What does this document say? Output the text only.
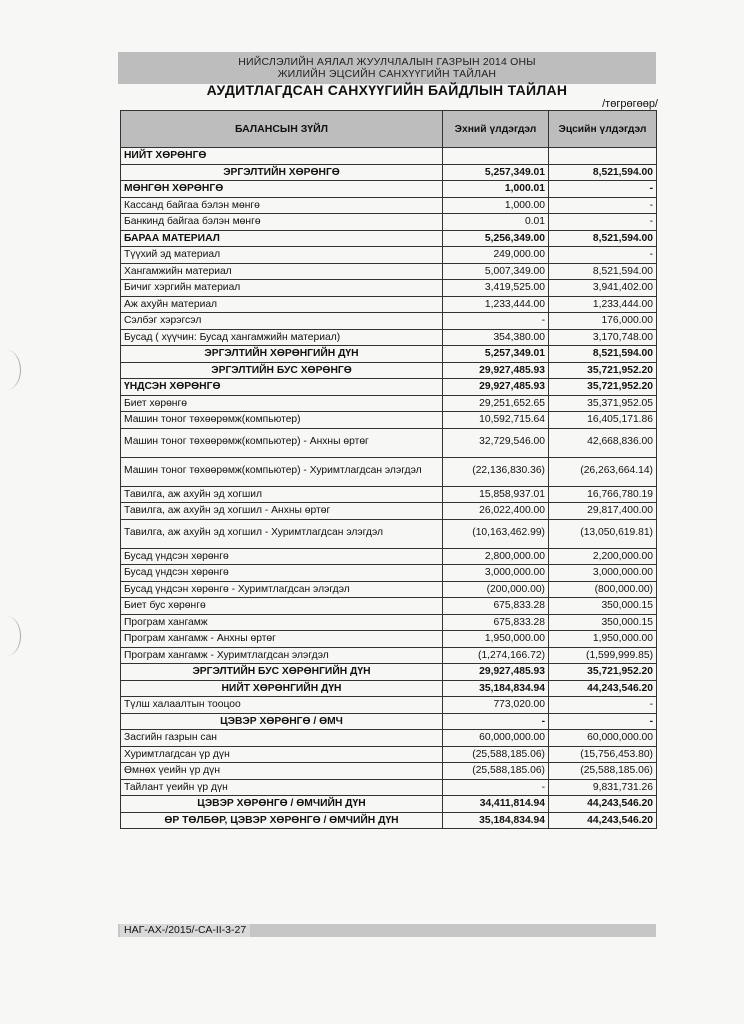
НИЙСЛЭЛИЙН АЯЛАЛ ЖУУЛЧЛАЛЫН ГАЗРЫН 2014 ОНЫ
ЖИЛИЙН ЭЦСИЙН САНХҮҮГИЙН ТАЙЛАН
АУДИТЛАГДСАН САНХҮҮГИЙН БАЙДЛЫН ТАЙЛАН
/төгрөгөөр/
БАЛАНСЫН ЗҮЙЛ	Эхний үлдэгдэл	Эцсийн үлдэгдэл
НИЙТ ХӨРӨНГӨ		
ЭРГЭЛТИЙН ХӨРӨНГӨ	5,257,349.01	8,521,594.00
МӨНГӨН ХӨРӨНГӨ	1,000.01	-
Кассанд байгаа бэлэн мөнгө	1,000.00	-
Банкинд байгаа бэлэн мөнгө	0.01	-
БАРАА МАТЕРИАЛ	5,256,349.00	8,521,594.00
Түүхий эд материал	249,000.00	-
Хангамжийн материал	5,007,349.00	8,521,594.00
Бичиг хэргийн материал	3,419,525.00	3,941,402.00
Аж ахуйн материал	1,233,444.00	1,233,444.00
Сэлбэг хэрэгсэл	-	176,000.00
Бусад ( хүүчин: Бусад хангамжийн материал)	354,380.00	3,170,748.00
ЭРГЭЛТИЙН ХӨРӨНГИЙН ДҮН	5,257,349.01	8,521,594.00
ЭРГЭЛТИЙН БУС ХӨРӨНГӨ	29,927,485.93	35,721,952.20
ҮНДСЭН ХӨРӨНГӨ	29,927,485.93	35,721,952.20
Биет хөрөнгө	29,251,652.65	35,371,952.05
Машин тоног төхөөрөмж(компьютер)	10,592,715.64	16,405,171.86
Машин тоног төхөөрөмж(компьютер) - Анхны өртөг	32,729,546.00	42,668,836.00
Машин тоног төхөөрөмж(компьютер) - Хуримтлагдсан элэгдэл	(22,136,830.36)	(26,263,664.14)
Тавилга, аж ахуйн эд хогшил	15,858,937.01	16,766,780.19
Тавилга, аж ахуйн эд хогшил - Анхны өртөг	26,022,400.00	29,817,400.00
Тавилга, аж ахуйн эд хогшил - Хуримтлагдсан элэгдэл	(10,163,462.99)	(13,050,619.81)
Бусад үндсэн хөрөнгө	2,800,000.00	2,200,000.00
Бусад үндсэн хөрөнгө	3,000,000.00	3,000,000.00
Бусад үндсэн хөрөнгө - Хуримтлагдсан элэгдэл	(200,000.00)	(800,000.00)
Биет бус хөрөнгө	675,833.28	350,000.15
Програм хангамж	675,833.28	350,000.15
Програм хангамж - Анхны өртөг	1,950,000.00	1,950,000.00
Програм хангамж - Хуримтлагдсан элэгдэл	(1,274,166.72)	(1,599,999.85)
ЭРГЭЛТИЙН БУС ХӨРӨНГИЙН ДҮН	29,927,485.93	35,721,952.20
НИЙТ ХӨРӨНГИЙН ДҮН	35,184,834.94	44,243,546.20
Түлш халаалтын тооцоо	773,020.00	-
ЦЭВЭР ХӨРӨНГӨ / ӨМЧ	-	-
Засгийн газрын сан	60,000,000.00	60,000,000.00
Хуримтлагдсан үр дүн	(25,588,185.06)	(15,756,453.80)
Өмнөх үеийн үр дүн	(25,588,185.06)	(25,588,185.06)
Тайлант үеийн үр дүн	-	9,831,731.26
ЦЭВЭР ХӨРӨНГӨ / ӨМЧИЙН ДҮН	34,411,814.94	44,243,546.20
ӨР ТӨЛБӨР, ЦЭВЭР ХӨРӨНГӨ / ӨМЧИЙН ДҮН	35,184,834.94	44,243,546.20
НАГ-АХ-/2015/-СА-II-3-27
